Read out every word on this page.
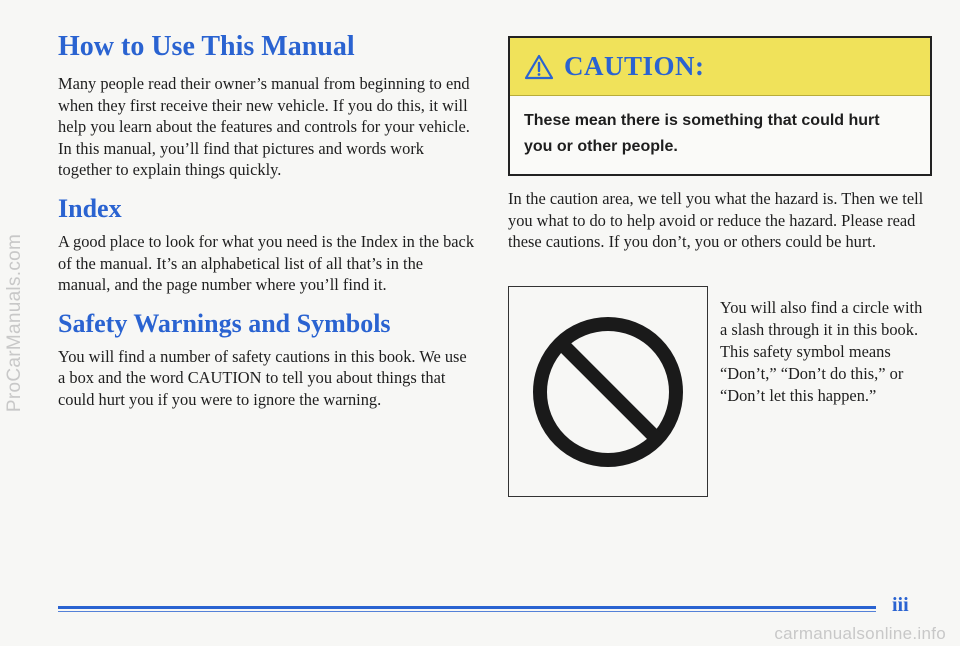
ProCarManuals.com
How to Use This Manual

Many people read their owner’s manual from beginning to end when they first receive their new vehicle. If you do this, it will help you learn about the features and controls for your vehicle. In this manual, you’ll find that pictures and words work together to explain things quickly.

Index

A good place to look for what you need is the Index in the back of the manual. It’s an alphabetical list of all that’s in the manual, and the page number where you’ll find it.

Safety Warnings and Symbols

You will find a number of safety cautions in this book. We use a box and the word CAUTION to tell you about things that could hurt you if you were to ignore the warning.

CAUTION:
These mean there is something that could hurt you or other people.

In the caution area, we tell you what the hazard is. Then we tell you what to do to help avoid or reduce the hazard. Please read these cautions. If you don’t, you or others could be hurt.

You will also find a circle with a slash through it in this book. This safety symbol means “Don’t,” “Don’t do this,” or “Don’t let this happen.”

iii
carmanualsonline.info
